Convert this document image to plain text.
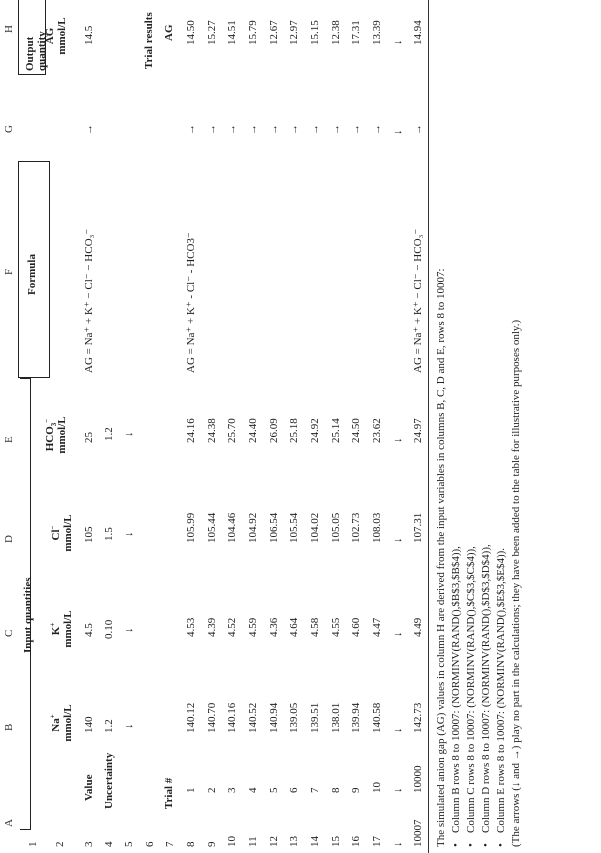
A
B
C
D
E
F
G
H
1 2 3 4 5 6 7 8 9 10 11 12 13 14 15 16 17 ↓ 10007
Input quantities
Formula
Output quantity
Na+ mmol/L
K+ mmol/L
Cl− mmol/L
$HCO_3^-$ mmol/L
AG mmol/L
Value
140
4.5
105
25
AG = Na⁺ + K⁺ − Cl⁻ − HCO₃⁻
→
14.5
Uncertainty
1.2
0.10
1.5
1.2
↓
↓
↓
↓
Trial results
Trial #
AG
1
140.12
4.53
105.99
24.16
AG = Na⁺ + K⁺ - Cl⁻ - HCO3⁻
→
14.50
2
140.70
4.39
105.44
24.38
→
15.27
3
140.16
4.52
104.46
25.70
→
14.51
4
140.52
4.59
104.92
24.40
→
15.79
5
140.94
4.36
106.54
26.09
→
12.67
6
139.05
4.64
105.54
25.18
→
12.97
7
139.51
4.58
104.02
24.92
→
15.15
8
138.01
4.55
105.05
25.14
→
12.38
9
139.94
4.60
102.73
24.50
→
17.31
10
140.58
4.47
108.03
23.62
→
13.39
↓
↓
↓
↓
↓
↓
↓
10000
142.73
4.49
107.31
24.97
AG = Na⁺ + K⁺ − Cl⁻ − HCO₃⁻
→
14.94
The simulated anion gap (AG) values in column H are derived from the input variables in columns B, C, D and E, rows 8 to 10007: •
Column B rows 8 to 10007: (NORMINV(RAND(),$B$3,$B$4)),
•
Column C rows 8 to 10007: (NORMINV(RAND(),$C$3,$C$4)),
•
Column D rows 8 to 10007: (NORMINV(RAND(),$D$3,$D$4)),
•
Column E rows 8 to 10007: (NORMINV(RAND(),$E$3,$E$4)). (The arrows (↓ and →) play no part in the calculations; they have been added to the table for illustrative purposes only.)
